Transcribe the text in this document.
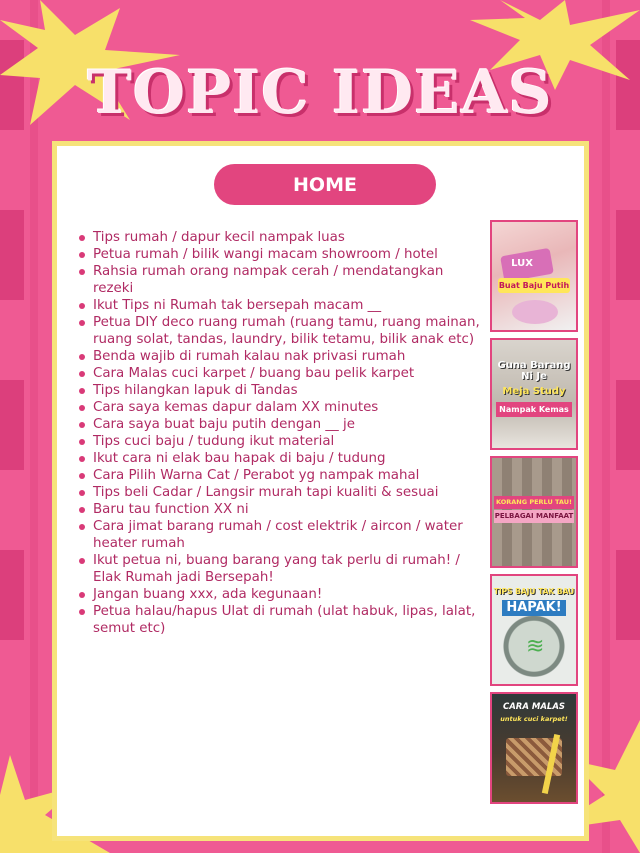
TOPIC IDEAS
HOME
Tips rumah / dapur kecil nampak luas
Petua rumah / bilik wangi macam showroom / hotel
Rahsia rumah orang nampak cerah / mendatangkan rezeki
Ikut Tips ni Rumah tak bersepah macam __
Petua DIY deco ruang rumah (ruang tamu, ruang mainan, ruang solat, tandas, laundry, bilik tetamu, bilik anak etc)
Benda wajib di rumah kalau nak privasi rumah
Cara Malas cuci karpet / buang bau pelik karpet
Tips hilangkan lapuk di Tandas
Cara saya kemas dapur dalam XX minutes
Cara saya buat baju putih dengan __ je
Tips cuci baju / tudung ikut material
Ikut cara ni elak bau hapak di baju / tudung
Cara Pilih Warna Cat / Perabot yg nampak mahal
Tips beli Cadar / Langsir murah tapi kualiti & sesuai
Baru tau function XX ni
Cara jimat barang rumah / cost elektrik / aircon / water heater rumah
Ikut petua ni, buang barang yang tak perlu di rumah! / Elak Rumah jadi Bersepah!
Jangan buang xxx, ada kegunaan!
Petua halau/hapus Ulat di rumah (ulat habuk, lipas, lalat, semut etc)
LUX
Buat Baju Putih
Guna Barang Ni Je
Meja Study
Nampak Kemas
KORANG PERLU TAU!
PELBAGAI MANFAAT
TIPS BAJU TAK BAU
HAPAK!
≋
CARA MALAS
untuk cuci karpet!
